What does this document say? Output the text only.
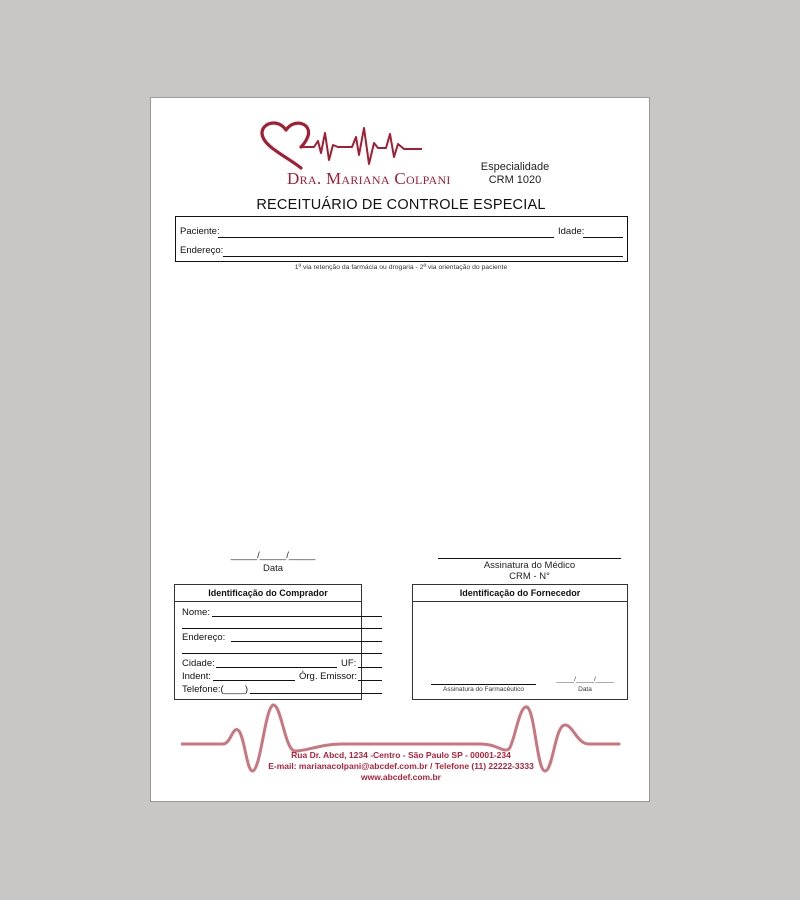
Dra. Mariana Colpani
Especialidade
CRM 1020
RECEITUÁRIO DE CONTROLE ESPECIAL
Paciente:	Idade:
Endereço:
1ª via retenção da farmácia ou drogaria - 2ª via orientação do paciente
_____/_____/_____
Data	Assinatura do Médico
CRM - N°
Identificação do Comprador
Nome:
Endereço:
Cidade:	UF:
Indent:	Órg. Emissor:
Telefone:(____)
Identificação do Fornecedor
Assinatura do Farmacêutico
_____/_____/_____
Data
Rua Dr. Abcd, 1234 -Centro - São Paulo SP - 00001-234
E-mail: marianacolpani@abcdef.com.br / Telefone (11) 22222-3333
www.abcdef.com.br
